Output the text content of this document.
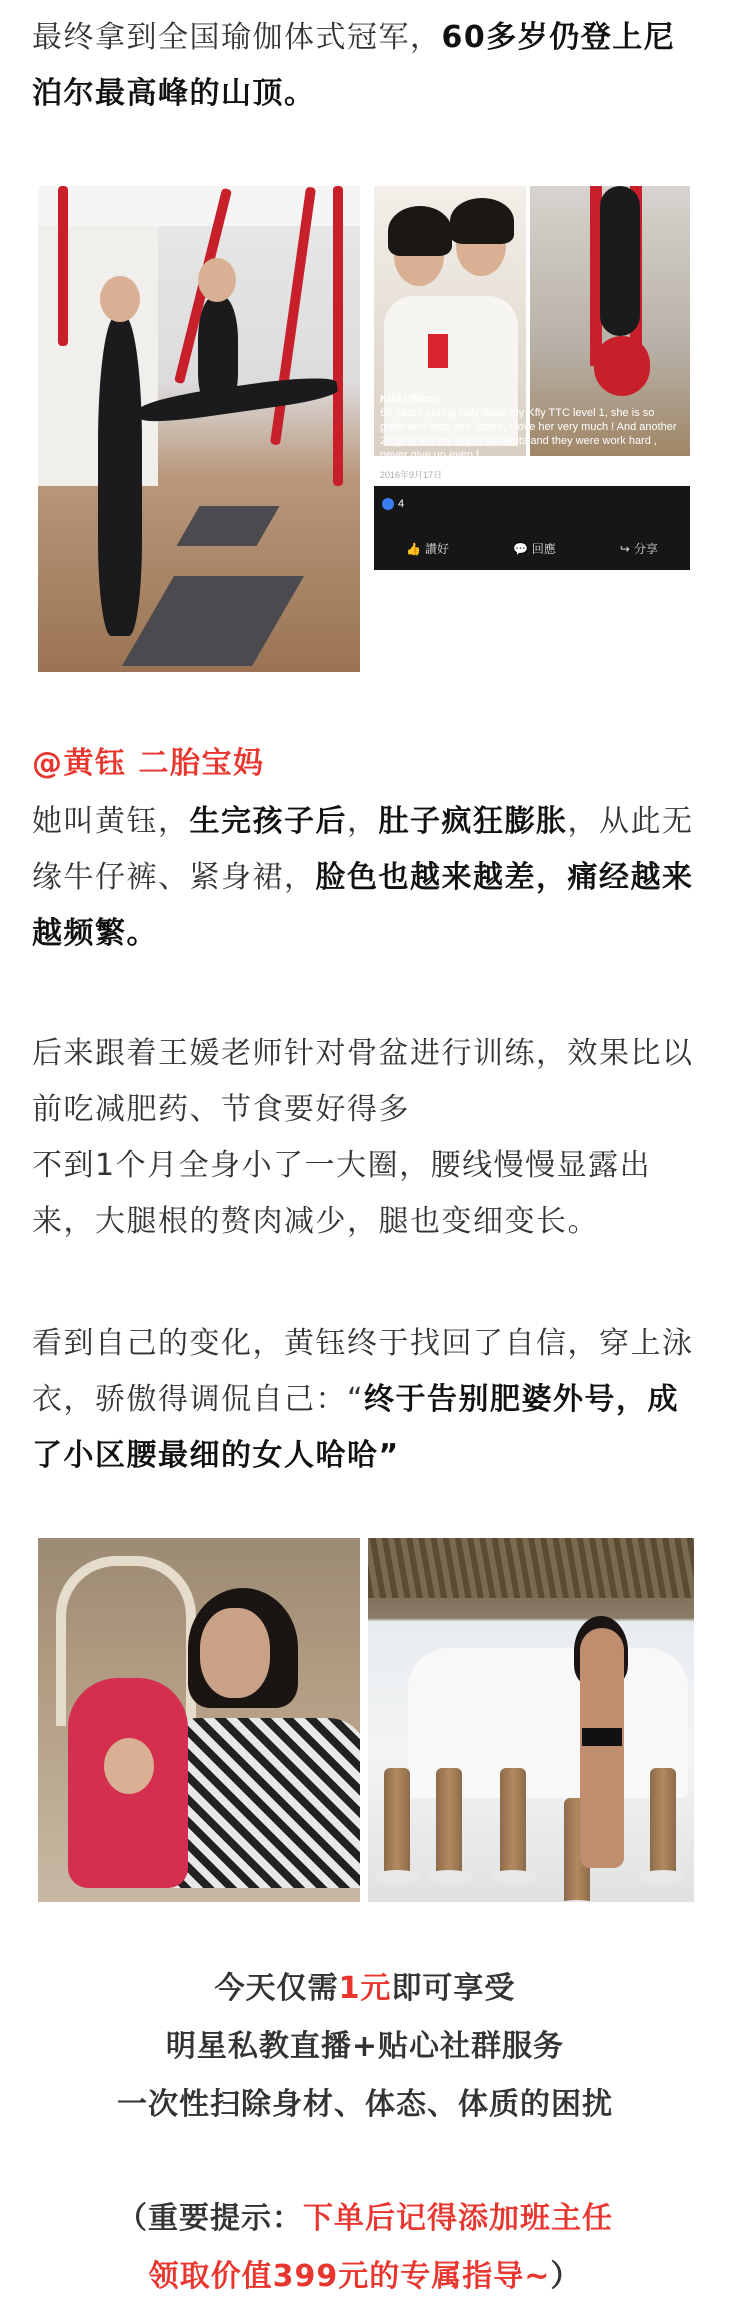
最终拿到全国瑜伽体式冠军，60多岁仍登上尼
泊尔最高峰的山顶。
Kinki Wong
62 years strong lady done my Kfly TTC level 1, she is so great and nice and active, I love her very much ! And another 24 girls are my super students and they were work hard , never give up even t...
2016年9月17日
4
👍 讚好	💬 回應	↪ 分享
@黄钰 二胎宝妈
她叫黄钰，生完孩子后，肚子疯狂膨胀，从此无缘牛仔裤、紧身裙，脸色也越来越差，痛经越来越频繁。
后来跟着王媛老师针对骨盆进行训练，效果比以前吃减肥药、节食要好得多
不到1个月全身小了一大圈，腰线慢慢显露出来，大腿根的赘肉减少，腿也变细变长。
看到自己的变化，黄钰终于找回了自信，穿上泳衣，骄傲得调侃自己：“终于告别肥婆外号，成了小区腰最细的女人哈哈”
今天仅需1元即可享受
明星私教直播+贴心社群服务
一次性扫除身材、体态、体质的困扰
（重要提示：下单后记得添加班主任
领取价值399元的专属指导~）
